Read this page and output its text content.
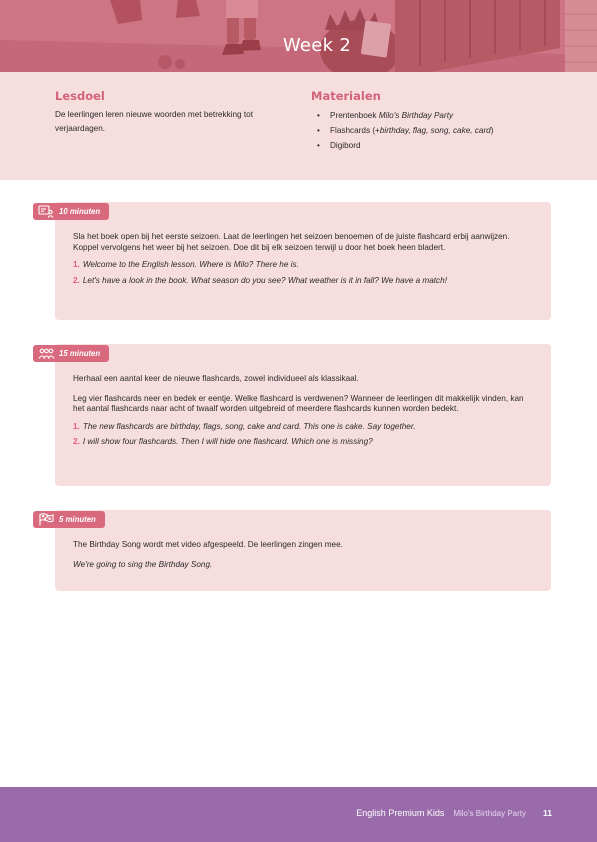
Week 2
Lesdoel
De leerlingen leren nieuwe woorden met betrekking tot verjaardagen.
Materialen
• Prentenboek Milo's Birthday Party
• Flashcards (+birthday, flag, song, cake, card)
• Digibord

Sla het boek open bij het eerste seizoen. Laat de leerlingen het seizoen benoemen of de juiste flashcard erbij aanwijzen. Koppel vervolgens het weer bij het seizoen. Doe dit bij elk seizoen terwijl u door het boek heen bladert.

1. Welcome to the English lesson. Where is Milo? There he is.
2. Let's have a look in the book. What season do you see? What weather is it in fall? We have a match!
10 minuten

Herhaal een aantal keer de nieuwe flashcards, zowel individueel als klassikaal.

Leg vier flashcards neer en bedek er eentje. Welke flashcard is verdwenen? Wanneer de leerlingen dit makkelijk vinden, kan het aantal flashcards naar acht of twaalf worden uitgebreid of meerdere flashcards kunnen worden bedekt.

1. The new flashcards are birthday, flags, song, cake and card. This one is cake. Say together.
2. I will show four flashcards. Then I will hide one flashcard. Which one is missing?
15 minuten

The Birthday Song wordt met video afgespeeld. De leerlingen zingen mee.

We're going to sing the Birthday Song.

5 minuten
English Premium Kids Milo's Birthday Party 11
